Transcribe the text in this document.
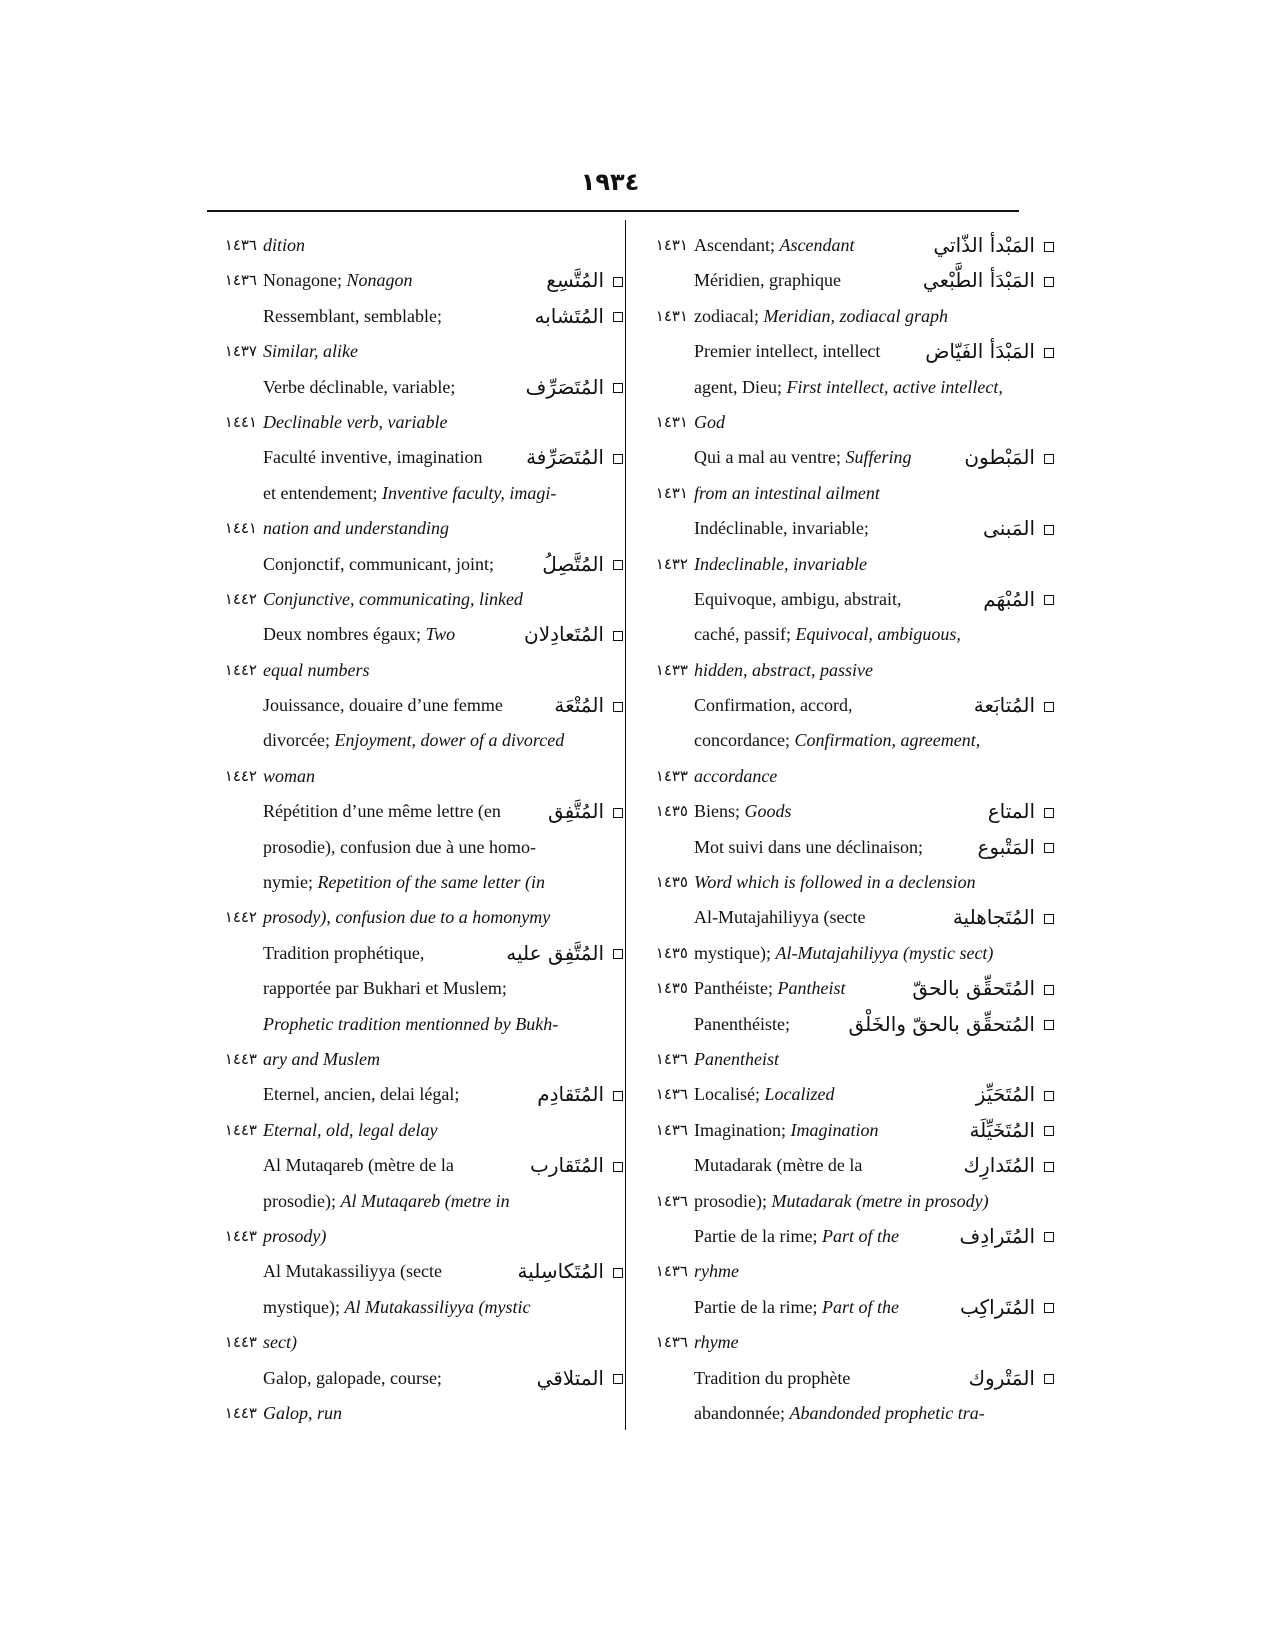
١٩٣٤
١٤٣٦ dition
١٤٣٦ Nonagone; Nonagon	المُتَّسِع
Ressemblant, semblable;	المُتَشابه
١٤٣٧ Similar, alike
Verbe déclinable, variable;	المُتَصَرِّف
١٤٤١ Declinable verb, variable
Faculté inventive, imagination المُتَصَرِّفة
et entendement; Inventive faculty, imagi-
١٤٤١ nation and understanding
Conjonctif, communicant, joint; المُتَّصِلُ
١٤٤٢ Conjunctive, communicating, linked
Deux nombres égaux; Two	المُتَعادِلان
١٤٤٢ equal numbers
Jouissance, douaire d’une femme	المُتْعَة
divorcée; Enjoyment, dower of a divorced
١٤٤٢ woman
Répétition d’une même lettre (en المُتَّفِق
prosodie), confusion due à une homo-
nymie; Repetition of the same letter (in
١٤٤٢ prosody), confusion due to a homonymy
Tradition prophétique,	المُتَّفِق عليه
rapportée par Bukhari et Muslem;
Prophetic tradition mentionned by Bukh-
١٤٤٣ ary and Muslem
Eternel, ancien, delai légal;	المُتَقادِم
١٤٤٣ Eternal, old, legal delay
Al Mutaqareb (mètre de la	المُتَقارب
prosodie); Al Mutaqareb (metre in
١٤٤٣ prosody)
Al Mutakassiliyya (secte	المُتَكاسِلية
mystique); Al Mutakassiliyya (mystic
١٤٤٣ sect)
Galop, galopade, course;	المتلاقي
١٤٤٣ Galop, run
١٤٣١ Ascendant; Ascendant	المَبْدأ الذّاتي
Méridien, graphique	المَبْدَأ الطَّبْعي
١٤٣١ zodiacal; Meridian, zodiacal graph
Premier intellect, intellect المَبْدَأ الفَيّاض
agent, Dieu; First intellect, active intellect,
١٤٣١ God
Qui a mal au ventre; Suffering	المَبْطون
١٤٣١ from an intestinal ailment
Indéclinable, invariable;	المَبنى
١٤٣٢ Indeclinable, invariable
Equivoque, ambigu, abstrait,	المُبْهَم
caché, passif; Equivocal, ambiguous,
١٤٣٣ hidden, abstract, passive
Confirmation, accord,	المُتابَعة
concordance; Confirmation, agreement,
١٤٣٣ accordance
١٤٣٥ Biens; Goods	المتاع
Mot suivi dans une déclinaison;	المَتْبوع
١٤٣٥ Word which is followed in a declension
Al-Mutajahiliyya (secte	المُتَجاهلية
١٤٣٥ mystique); Al-Mutajahiliyya (mystic sect)
١٤٣٥ Panthéiste; Pantheist	المُتَحقِّق بالحقّ
Panenthéiste;	المُتحقِّق بالحقّ والخَلْق
١٤٣٦ Panentheist
١٤٣٦ Localisé; Localized	المُتَحَيِّز
١٤٣٦ Imagination; Imagination	المُتَخَيِّلَة
Mutadarak (mètre de la	المُتَدارِك
١٤٣٦ prosodie); Mutadarak (metre in prosody)
Partie de la rime; Part of the	المُتَرادِف
١٤٣٦ ryhme
Partie de la rime; Part of the	المُتَراكِب
١٤٣٦ rhyme
Tradition du prophète	المَتْروك
abandonnée; Abandonded prophetic tra-
